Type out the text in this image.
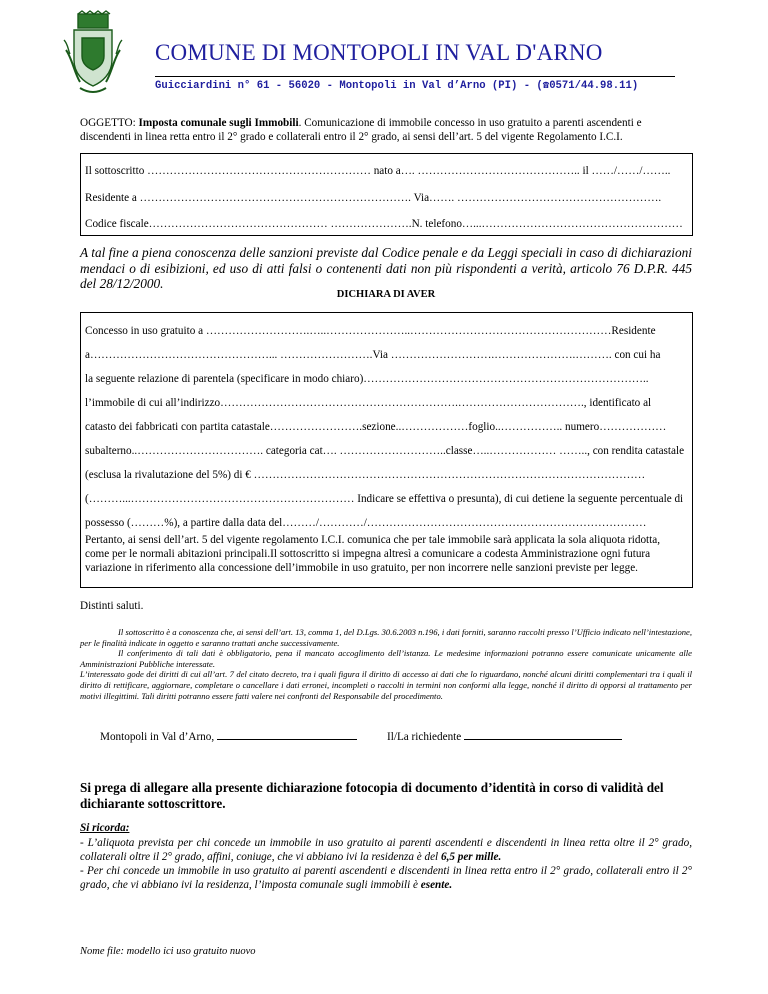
COMUNE DI MONTOPOLI IN VAL D'ARNO
Guicciardini n° 61 - 56020 - Montopoli in Val d’Arno (PI) - (☎0571/44.98.11)
OGGETTO: Imposta comunale sugli Immobili. Comunicazione di immobile concesso in uso gratuito a parenti ascendenti e discendenti in linea retta entro il 2° grado e collaterali entro il 2° grado, ai sensi dell’art. 5 del vigente Regolamento I.C.I.
Il sottoscritto …………………………………………………… nato a…. …………………………………….. il ……/……/……..
Residente a ………………………………………………………………. Via……. ……………………………………………….
Codice fiscale………………………………………… ………………….N. telefono…...………………………………………………
A tal fine a piena conoscenza delle sanzioni previste dal Codice penale e da Leggi speciali in caso di dichiarazioni mendaci o di esibizioni, ed uso di atti falsi o contenenti dati non più rispondenti a verità, articolo 76 D.P.R. 445 del 28/12/2000.
DICHIARA DI AVER
Concesso in uso gratuito a ……………………….…..…………………..………………………………………………Residente
a…………………………………………... …………………….Via ……………………….………………….………. con cui ha
la seguente relazione di parentela (specificare in modo chiaro)…………………………………………………………………..
l’immobile di cui all’indirizzo……………………………………………………….……………………………., identificato al
catasto dei fabbricati con partita catastale…………………….sezione..………………foglio..…………….. numero………………
subalterno..……………………………. categoria cat…. ………………………..classe…..……………… …….., con rendita catastale
(esclusa la rivalutazione del 5%) di € ……………………………………………………………………………………………
(………...…………………………………………………… Indicare se effettiva o presunta), di cui detiene la seguente percentuale di
possesso (………%), a partire dalla data del………/…………/…………………………………………………………………
Pertanto, ai sensi dell’art. 5 del vigente regolamento I.C.I. comunica che per tale immobile sarà applicata la sola aliquota ridotta, come per le normali abitazioni principali.Il sottoscritto si impegna altresì a comunicare a codesta Amministrazione ogni futura variazione in riferimento alla concessione dell’immobile in uso gratuito, per non incorrere nelle sanzioni previste per legge.
Distinti saluti.

Il sottoscritto è a conoscenza che, ai sensi dell’art. 13, comma 1, del D.Lgs. 30.6.2003 n.196, i dati forniti, saranno raccolti presso l’Ufficio indicato nell’intestazione, per le finalità indicate in oggetto e saranno trattati anche successivamente.

Il conferimento di tali dati è obbligatorio, pena il mancato accoglimento dell’istanza. Le medesime informazioni potranno essere comunicate unicamente alle Amministrazioni Pubbliche interessate.

L’interessato gode dei diritti di cui all’art. 7 del citato decreto, tra i quali figura il diritto di accesso ai dati che lo riguardano, nonché alcuni diritti complementari tra i quali il diritto di rettificare, aggiornare, completare o cancellare i dati erronei, incompleti o raccolti in termini non conformi alla legge, nonché il diritto di opporsi al trattamento per motivi illegittimi. Tali diritti potranno essere fatti valere nei confronti del Responsabile del procedimento.

Montopoli in Val d’Arno,	Il/La richiedente
Si prega di allegare alla presente dichiarazione fotocopia di documento d’identità in corso di validità del dichiarante sottoscrittore.
Si ricorda:

- L’aliquota prevista per chi concede un immobile in uso gratuito ai parenti ascendenti e discendenti in linea retta oltre il 2° grado, collaterali oltre il 2° grado, affini, coniuge, che vi abbiano ivi la residenza è del 6,5 per mille.

- Per chi concede un immobile in uso gratuito ai parenti ascendenti e discendenti in linea retta entro il 2° grado, collaterali entro il 2° grado, che vi abbiano ivi la residenza, l’imposta comunale sugli immobili è esente.

Nome file: modello ici uso gratuito nuovo
